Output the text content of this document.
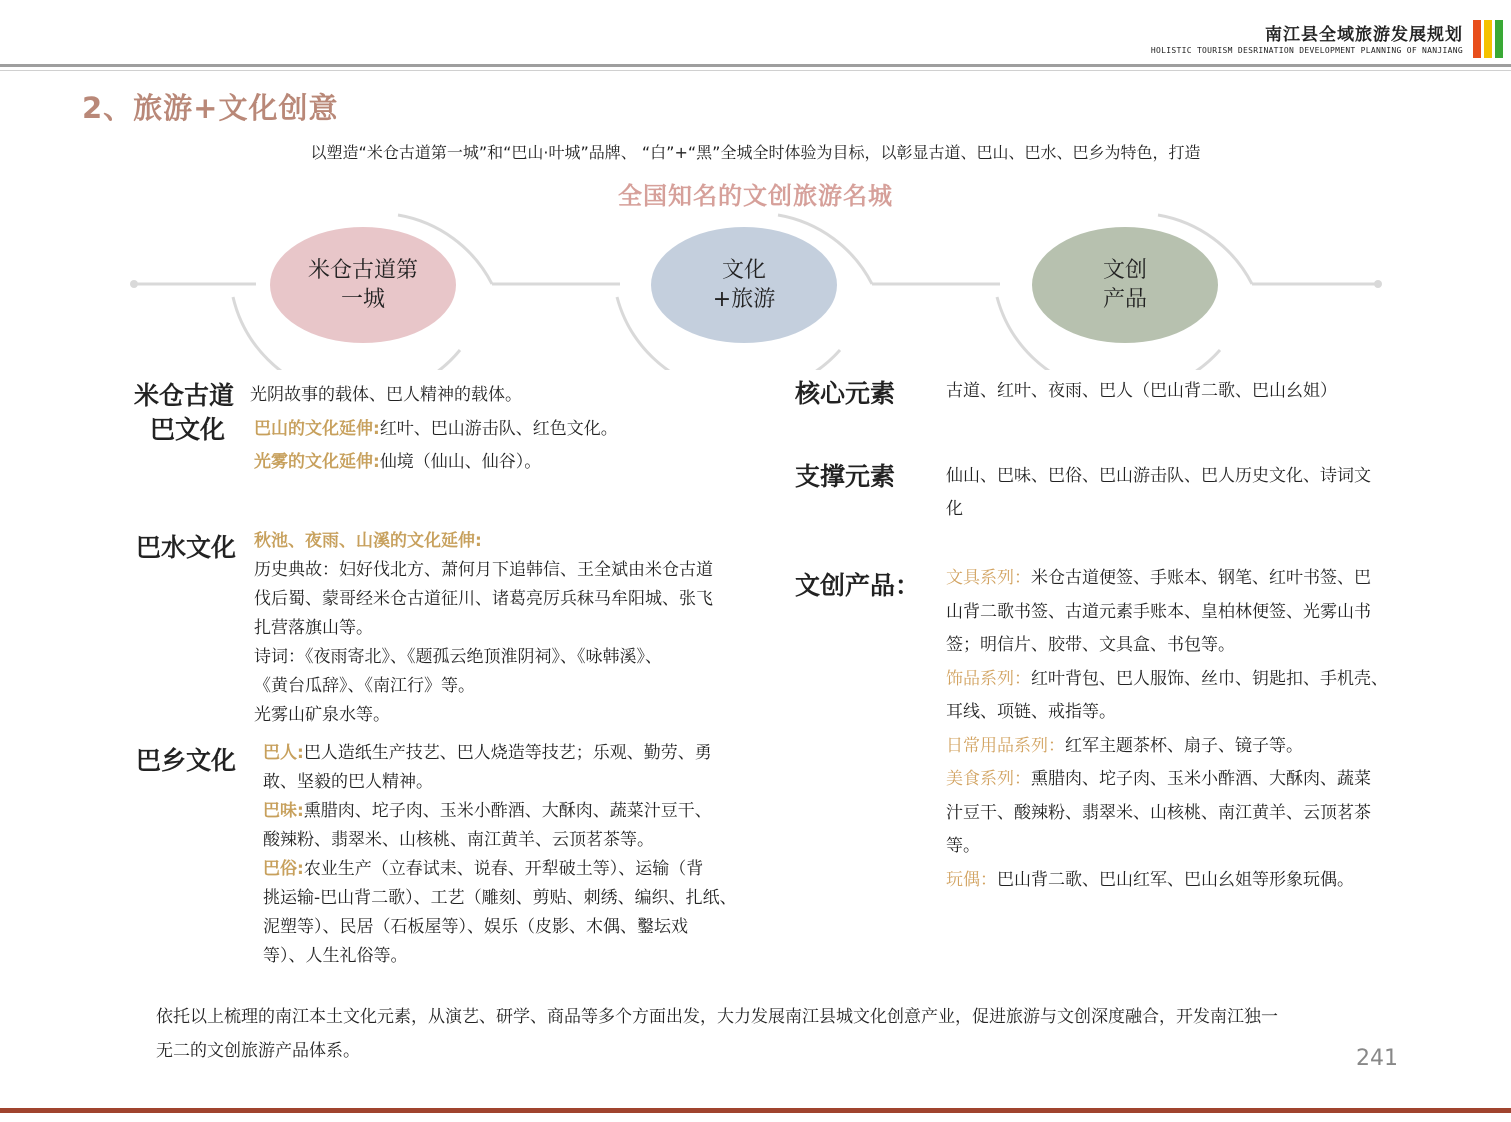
南江县全域旅游发展规划
HOLISTIC TOURISM DESRINATION DEVELOPMENT PLANNING OF NANJIANG
2、旅游+文化创意
以塑造“米仓古道第一城”和“巴山·叶城”品牌、 “白”+“黑”全城全时体验为目标，以彰显古道、巴山、巴水、巴乡为特色，打造
全国知名的文创旅游名城
米仓古道第
一城
文化
+旅游
文创
产品
米仓古道
巴文化
光阴故事的载体、巴人精神的载体。
巴山的文化延伸:红叶、巴山游击队、红色文化。
光雾的文化延伸:仙境（仙山、仙谷）。
巴水文化 秋池、夜雨、山溪的文化延伸:
历史典故：妇好伐北方、萧何月下追韩信、王全斌由米仓古道
伐后蜀、蒙哥经米仓古道征川、诸葛亮厉兵秣马牟阳城、张飞
扎营落旗山等。
诗词：《夜雨寄北》、《题孤云绝顶淮阴祠》、《咏韩溪》、
《黄台瓜辞》、《南江行》等。
光雾山矿泉水等。
巴乡文化 巴人:巴人造纸生产技艺、巴人烧造等技艺；乐观、勤劳、勇
敢、坚毅的巴人精神。
巴味:熏腊肉、坨子肉、玉米小酢酒、大酥肉、蔬菜汁豆干、
酸辣粉、翡翠米、山核桃、南江黄羊、云顶茗茶等。
巴俗:农业生产（立春试耒、说春、开犁破土等）、运输（背
挑运输-巴山背二歌）、工艺（雕刻、剪贴、刺绣、编织、扎纸、
泥塑等）、民居（石板屋等）、娱乐（皮影、木偶、鑿坛戏
等）、人生礼俗等。
核心元素	古道、红叶、夜雨、巴人（巴山背二歌、巴山幺姐）
支撑元素	仙山、巴味、巴俗、巴山游击队、巴人历史文化、诗词文
化
文创产品： 文具系列：米仓古道便签、手账本、钢笔、红叶书签、巴
山背二歌书签、古道元素手账本、皇柏林便签、光雾山书
签；明信片、胶带、文具盒、书包等。
饰品系列：红叶背包、巴人服饰、丝巾、钥匙扣、手机壳、
耳线、项链、戒指等。
日常用品系列：红军主题茶杯、扇子、镜子等。
美食系列：熏腊肉、坨子肉、玉米小酢酒、大酥肉、蔬菜
汁豆干、酸辣粉、翡翠米、山核桃、南江黄羊、云顶茗茶
等。
玩偶：巴山背二歌、巴山红军、巴山幺姐等形象玩偶。
依托以上梳理的南江本土文化元素，从演艺、研学、商品等多个方面出发，大力发展南江县城文化创意产业，促进旅游与文创深度融合，开发南江独一
无二的文创旅游产品体系。	241
